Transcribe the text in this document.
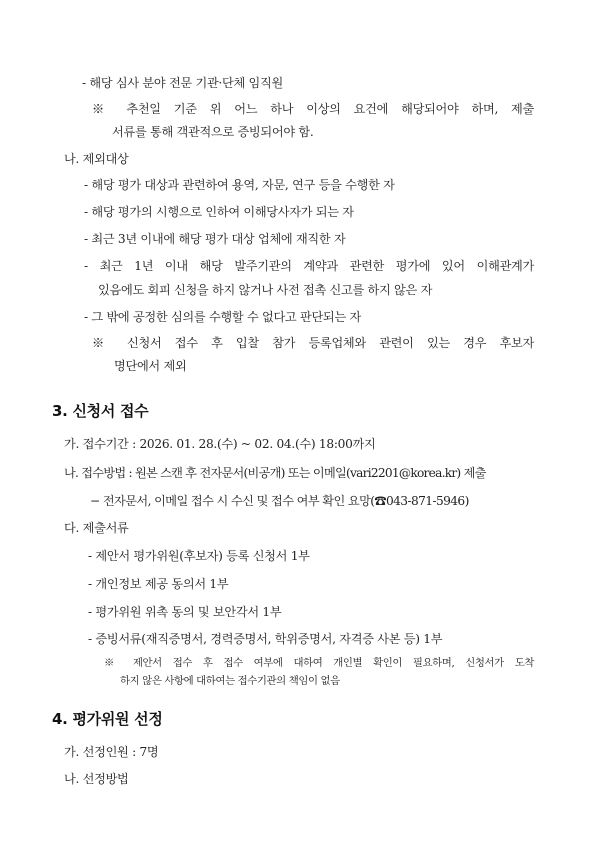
- 해당 심사 분야 전문 기관·단체 임직원
※ 추천일 기준 위 어느 하나 이상의 요건에 해당되어야 하며, 제출
서류를 통해 객관적으로 증빙되어야 함.
나. 제외대상
- 해당 평가 대상과 관련하여 용역, 자문, 연구 등을 수행한 자
- 해당 평가의 시행으로 인하여 이해당사자가 되는 자
- 최근 3년 이내에 해당 평가 대상 업체에 재직한 자
- 최근 1년 이내 해당 발주기관의 계약과 관련한 평가에 있어 이해관계가
있음에도 회피 신청을 하지 않거나 사전 접촉 신고를 하지 않은 자
- 그 밖에 공정한 심의를 수행할 수 없다고 판단되는 자
※ 신청서 접수 후 입찰 참가 등록업체와 관련이 있는 경우 후보자
명단에서 제외
3. 신청서 접수
가. 접수기간 : 2026. 01. 28.(수) ~ 02. 04.(수) 18:00까지
나. 접수방법 : 원본 스캔 후 전자문서(비공개) 또는 이메일(vari2201@korea.kr) 제출
− 전자문서, 이메일 접수 시 수신 및 접수 여부 확인 요망(☎043-871-5946)
다. 제출서류
- 제안서 평가위원(후보자) 등록 신청서 1부
- 개인정보 제공 동의서 1부
- 평가위원 위촉 동의 및 보안각서 1부
- 증빙서류(재직증명서, 경력증명서, 학위증명서, 자격증 사본 등) 1부
※ 제안서 접수 후 접수 여부에 대하여 개인별 확인이 필요하며, 신청서가 도착
하지 않은 사항에 대하여는 접수기관의 책임이 없음
4. 평가위원 선정
가. 선정인원 : 7명
나. 선정방법
